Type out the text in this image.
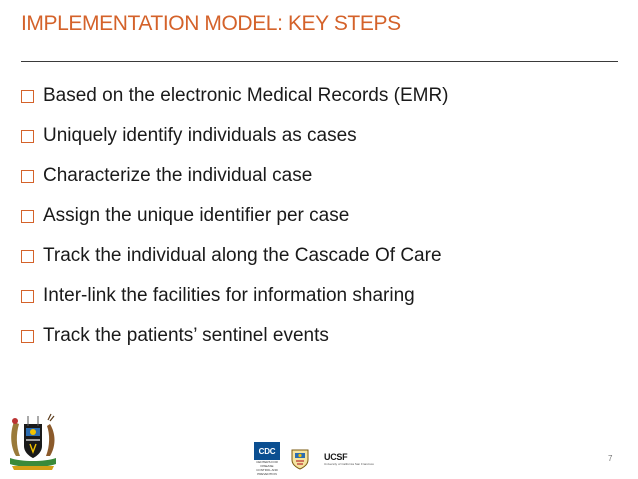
IMPLEMENTATION MODEL: KEY STEPS
Based on the electronic Medical Records (EMR)
Uniquely identify individuals as cases
Characterize the individual case
Assign the unique identifier per case
Track the individual along the Cascade Of Care
Inter-link the facilities for information sharing
Track the patients’ sentinel events
CDC
CENTERS FOR DISEASE CONTROL AND PREVENTION
UCSF
University of California San Francisco
7
